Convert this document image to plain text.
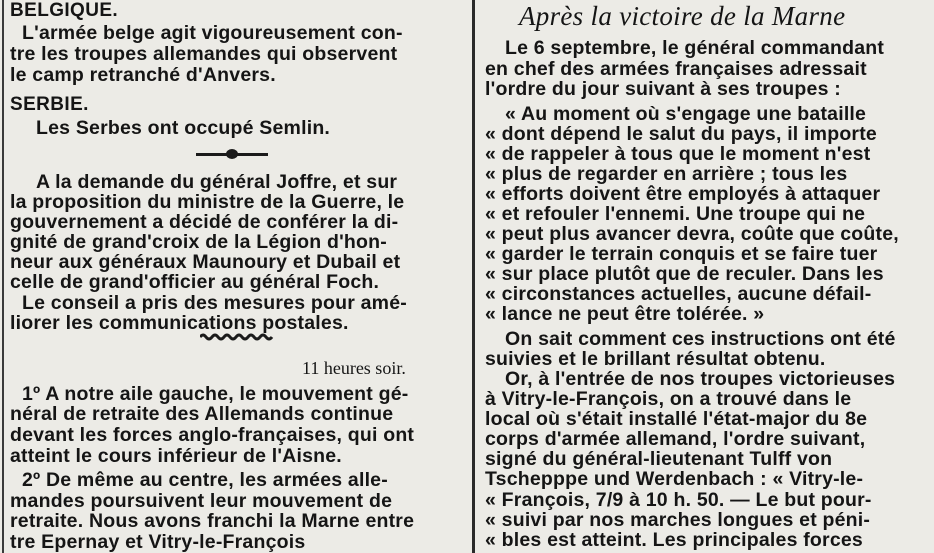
BELGIQUE.
L'armée belge agit vigoureusement con-
tre les troupes allemandes qui observent
le camp retranché d'Anvers.
SERBIE.
Les Serbes ont occupé Semlin.
A la demande du général Joffre, et sur
la proposition du ministre de la Guerre, le
gouvernement a décidé de conférer la di-
gnité de grand'croix de la Légion d'hon-
neur aux généraux Maunoury et Dubail et
celle de grand'officier au général Foch.
Le conseil a pris des mesures pour amé-
liorer les communications postales.
11 heures soir.
1º A notre aile gauche, le mouvement gé-
néral de retraite des Allemands continue
devant les forces anglo-françaises, qui ont
atteint le cours inférieur de l'Aisne.
2º De même au centre, les armées alle-
mandes poursuivent leur mouvement de
retraite. Nous avons franchi la Marne entre
tre Epernay et Vitry-le-François
Après la victoire de la Marne
Le 6 septembre, le général commandant
en chef des armées françaises adressait
l'ordre du jour suivant à ses troupes :
« Au moment où s'engage une bataille
« dont dépend le salut du pays, il importe
« de rappeler à tous que le moment n'est
« plus de regarder en arrière ; tous les
« efforts doivent être employés à attaquer
« et refouler l'ennemi. Une troupe qui ne
« peut plus avancer devra, coûte que coûte,
« garder le terrain conquis et se faire tuer
« sur place plutôt que de reculer. Dans les
« circonstances actuelles, aucune défail-
« lance ne peut être tolérée. »
On sait comment ces instructions ont été
suivies et le brillant résultat obtenu.
Or, à l'entrée de nos troupes victorieuses
à Vitry-le-François, on a trouvé dans le
local où s'était installé l'état-major du 8e
corps d'armée allemand, l'ordre suivant,
signé du général-lieutenant Tulff von
Tschepppe und Werdenbach : « Vitry-le-
« François, 7/9 à 10 h. 50. — Le but pour-
« suivi par nos marches longues et péni-
« bles est atteint. Les principales forces
